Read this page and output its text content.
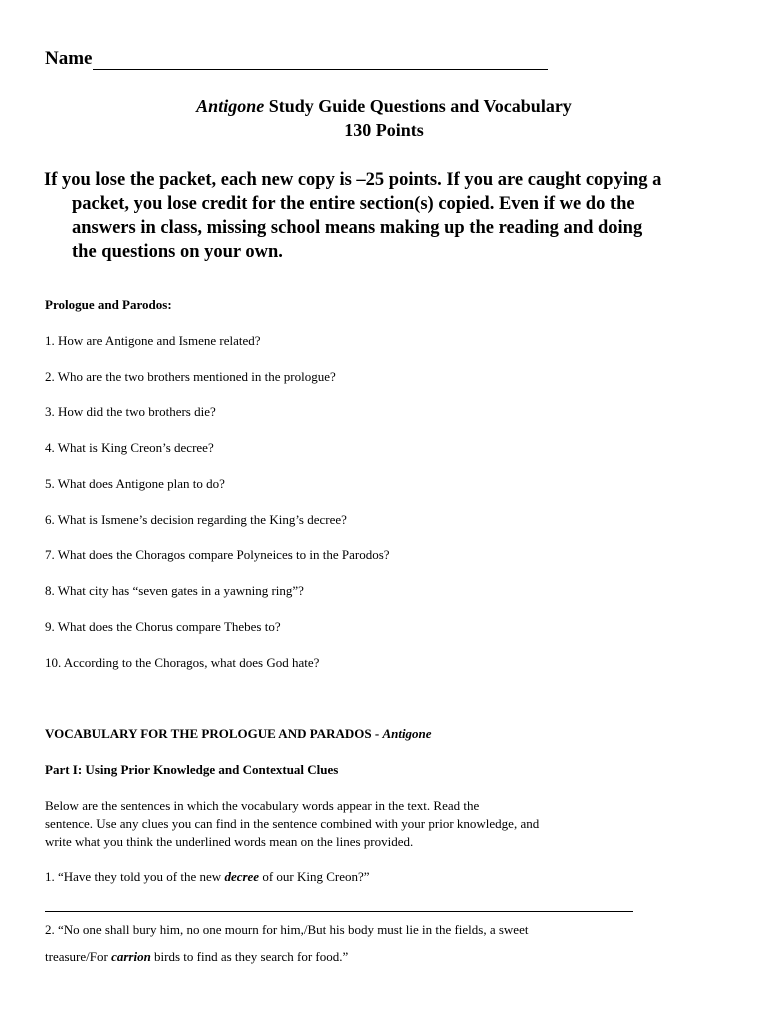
Name
Antigone Study Guide Questions and Vocabulary
130 Points
If you lose the packet, each new copy is –25 points. If you are caught copying a
packet, you lose credit for the entire section(s) copied. Even if we do the
answers in class, missing school means making up the reading and doing
the questions on your own.
Prologue and Parodos:
1. How are Antigone and Ismene related?
2. Who are the two brothers mentioned in the prologue?
3. How did the two brothers die?
4. What is King Creon’s decree?
5. What does Antigone plan to do?
6. What is Ismene’s decision regarding the King’s decree?
7. What does the Choragos compare Polyneices to in the Parodos?
8. What city has “seven gates in a yawning ring”?
9. What does the Chorus compare Thebes to?
10. According to the Choragos, what does God hate?
VOCABULARY FOR THE PROLOGUE AND PARADOS - Antigone
Part I: Using Prior Knowledge and Contextual Clues
Below are the sentences in which the vocabulary words appear in the text. Read the
sentence. Use any clues you can find in the sentence combined with your prior knowledge, and
write what you think the underlined words mean on the lines provided.
1. “Have they told you of the new decree of our King Creon?”
2. “No one shall bury him, no one mourn for him,/But his body must lie in the fields, a sweet
treasure/For carrion birds to find as they search for food.”
